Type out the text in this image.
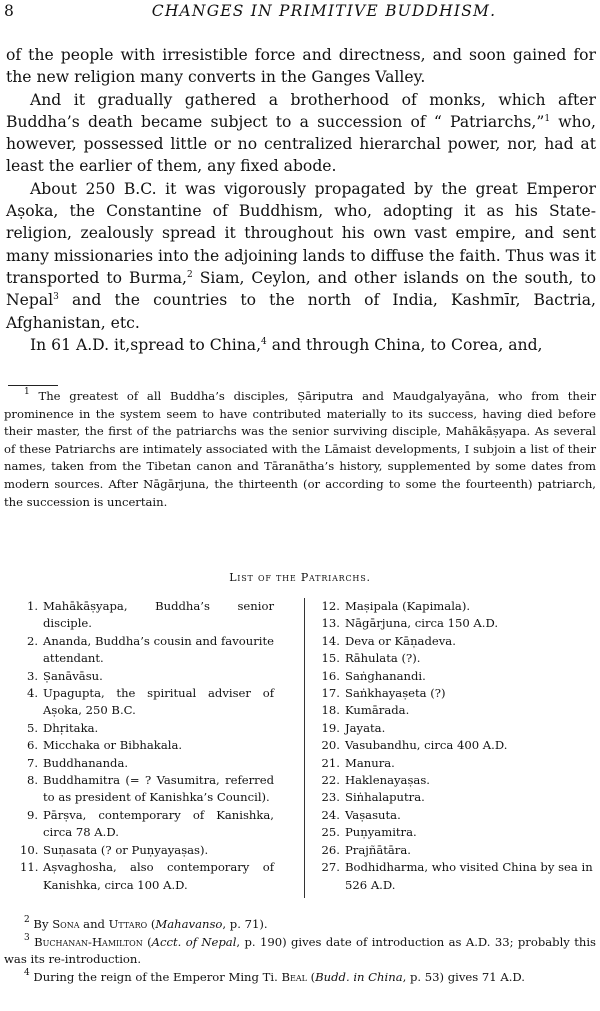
8	CHANGES IN PRIMITIVE BUDDHISM.

of the people with irresistible force and directness, and soon gained for the new religion many converts in the Ganges Valley.

And it gradually gathered a brotherhood of monks, which after Buddha’s death became subject to a succession of “ Patriarchs,”$^1$ who, however, possessed little or no centralized hierarchal power, nor, had at least the earlier of them, any fixed abode.

About 250 B.C. it was vigorously propagated by the great Emperor Aṣoka, the Constantine of Buddhism, who, adopting it as his State-religion, zealously spread it throughout his own vast empire, and sent many missionaries into the adjoining lands to diffuse the faith. Thus was it transported to Burma,$^2$ Siam, Ceylon, and other islands on the south, to Nepal$^3$ and the countries to the north of India, Kashmīr, Bactria, Afghanistan, etc.

In 61 A.D. it,spread to China,$^4$ and through China, to Corea, and,

$^1$ The greatest of all Buddha’s disciples, Ṣāriputra and Maudgalyayāna, who from their prominence in the system seem to have contributed materially to its success, having died before their master, the first of the patriarchs was the senior surviving disciple, Mahākāṣyapa. As several of these Patriarchs are intimately associated with the Lāmaist developments, I subjoin a list of their names, taken from the Tibetan canon and Tāranātha’s history, supplemented by some dates from modern sources. After Nāgārjuna, the thirteenth (or according to some the fourteenth) patriarch, the succession is uncertain.

List of the Patriarchs.
1. Mahākāṣyapa, Buddha’s senior disciple.
2. Ananda, Buddha’s cousin and favourite attendant.
3. Ṣanāvāsu.
4. Upagupta, the spiritual adviser of Aṣoka, 250 B.C.
5. Dhṛitaka.
6. Micchaka or Bibhakala.
7. Buddhananda.
8. Buddhamitra (= ? Vasumitra, referred to as president of Kanishka’s Council).
9. Pārṣva, contemporary of Kanishka, circa 78 A.D.
10. Suṇasata (? or Puṇyayaṣas).
11. Aṣvaghosha, also contemporary of Kanishka, circa 100 A.D.
12. Maṣipala (Kapimala).
13. Nāgārjuna, circa 150 A.D.
14. Deva or Kāṇadeva.
15. Rāhulata (?).
16. Saṅghanandi.
17. Saṅkhayaṣeta (?)
18. Kumārada.
19. Jayata.
20. Vasubandhu, circa 400 A.D.
21. Manura.
22. Haklenayaṣas.
23. Siṅhalaputra.
24. Vaṣasuta.
25. Puṇyamitra.
26. Prajñātāra.
27. Bodhidharma, who visited China by sea in 526 A.D.

$^2$ By Sona and Uttaro (Mahavanso, p. 71).

$^3$ Buchanan-Hamilton (Acct. of Nepal, p. 190) gives date of introduction as A.D. 33; probably this was its re-introduction.

$^4$ During the reign of the Emperor Ming Ti. Beal (Budd. in China, p. 53) gives 71 A.D.
